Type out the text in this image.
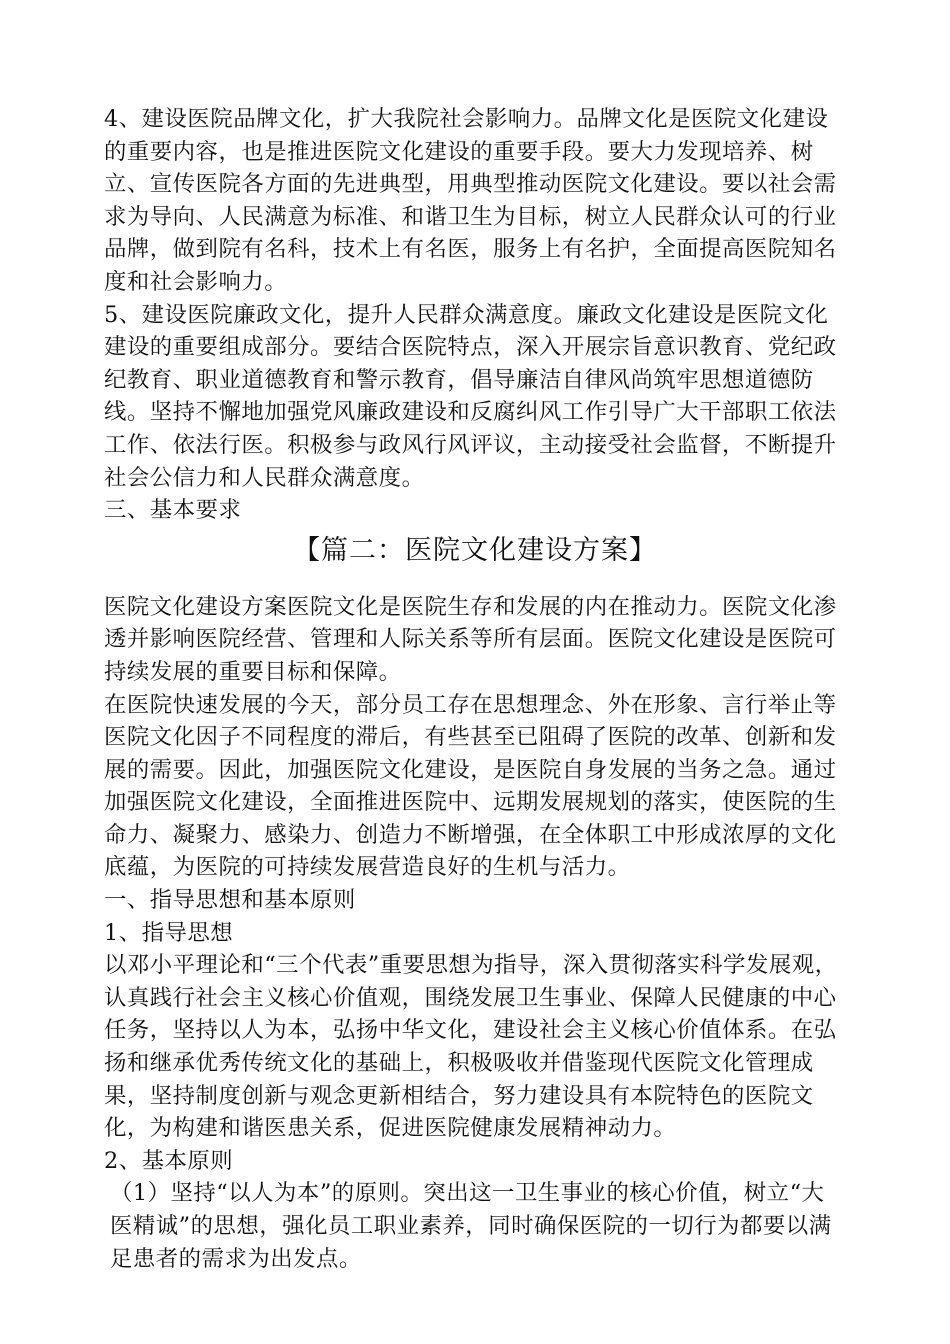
4、建设医院品牌文化，扩大我院社会影响力。品牌文化是医院文化建设的重要内容，也是推进医院文化建设的重要手段。要大力发现培养、树立、宣传医院各方面的先进典型，用典型推动医院文化建设。要以社会需求为导向、人民满意为标准、和谐卫生为目标，树立人民群众认可的行业品牌，做到院有名科，技术上有名医，服务上有名护，全面提高医院知名度和社会影响力。

5、建设医院廉政文化，提升人民群众满意度。廉政文化建设是医院文化建设的重要组成部分。要结合医院特点，深入开展宗旨意识教育、党纪政纪教育、职业道德教育和警示教育，倡导廉洁自律风尚筑牢思想道德防线。坚持不懈地加强党风廉政建设和反腐纠风工作引导广大干部职工依法工作、依法行医。积极参与政风行风评议，主动接受社会监督，不断提升社会公信力和人民群众满意度。

三、基本要求

【篇二：医院文化建设方案】

医院文化建设方案医院文化是医院生存和发展的内在推动力。医院文化渗透并影响医院经营、管理和人际关系等所有层面。医院文化建设是医院可持续发展的重要目标和保障。

在医院快速发展的今天，部分员工存在思想理念、外在形象、言行举止等医院文化因子不同程度的滞后，有些甚至已阻碍了医院的改革、创新和发展的需要。因此，加强医院文化建设，是医院自身发展的当务之急。通过加强医院文化建设，全面推进医院中、远期发展规划的落实，使医院的生命力、凝聚力、感染力、创造力不断增强，在全体职工中形成浓厚的文化底蕴，为医院的可持续发展营造良好的生机与活力。

一、指导思想和基本原则

1、指导思想

以邓小平理论和“三个代表”重要思想为指导，深入贯彻落实科学发展观，认真践行社会主义核心价值观，围绕发展卫生事业、保障人民健康的中心任务，坚持以人为本，弘扬中华文化，建设社会主义核心价值体系。在弘扬和继承优秀传统文化的基础上，积极吸收并借鉴现代医院文化管理成果，坚持制度创新与观念更新相结合，努力建设具有本院特色的医院文化，为构建和谐医患关系，促进医院健康发展精神动力。

2、基本原则

（1）坚持“以人为本”的原则。突出这一卫生事业的核心价值，树立“大医精诚”的思想，强化员工职业素养，同时确保医院的一切行为都要以满足患者的需求为出发点。
